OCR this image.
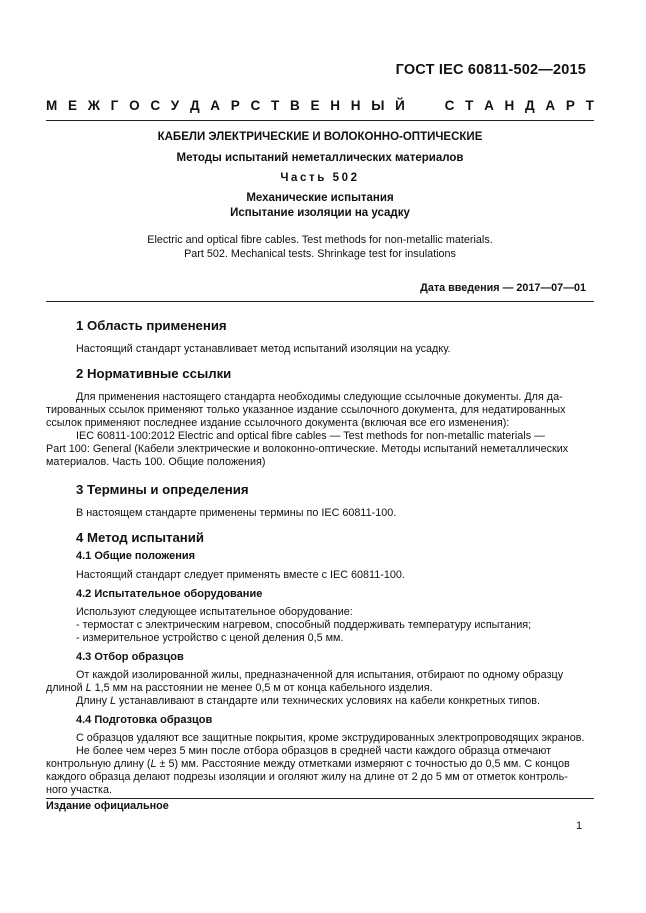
ГОСТ IEC 60811-502—2015
М Е Ж Г О С У Д А Р С Т В Е Н Н Ы Й

	С Т А Н Д А Р Т
КАБЕЛИ ЭЛЕКТРИЧЕСКИЕ И ВОЛОКОННО-ОПТИЧЕСКИЕ
Методы испытаний неметаллических материалов
Часть 502
Механические испытания
Испытание изоляции на усадку
Electric and optical fibre cables. Test methods for non-metallic materials.
Part 502. Mechanical tests. Shrinkage test for insulations
Дата введения — 2017—07—01
1 Область применения
Настоящий стандарт устанавливает метод испытаний изоляции на усадку.
2 Нормативные ссылки
Для применения настоящего стандарта необходимы следующие ссылочные документы. Для да-
тированных ссылок применяют только указанное издание ссылочного документа, для недатированных
ссылок применяют последнее издание ссылочного документа (включая все его изменения):
IEC 60811-100:2012 Electric and optical fibre cables — Test methods for non-metallic materials —
Part 100: General (Кабели электрические и волоконно-оптические. Методы испытаний неметаллических
материалов. Часть 100. Общие положения)
3 Термины и определения
В настоящем стандарте применены термины по IEC 60811-100.
4 Метод испытаний
4.1 Общие положения
Настоящий стандарт следует применять вместе с IEC 60811-100.
4.2 Испытательное оборудование
Используют следующее испытательное оборудование:
- термостат с электрическим нагревом, способный поддерживать температуру испытания;
- измерительное устройство с ценой деления 0,5 мм.
4.3 Отбор образцов
От каждой изолированной жилы, предназначенной для испытания, отбирают по одному образцу
длиной L 1,5 мм на расстоянии не менее 0,5 м от конца кабельного изделия.
Длину L устанавливают в стандарте или технических условиях на кабели конкретных типов.
4.4 Подготовка образцов
С образцов удаляют все защитные покрытия, кроме экструдированных электропроводящих экранов.
Не более чем через 5 мин после отбора образцов в средней части каждого образца отмечают
контрольную длину (L ± 5) мм. Расстояние между отметками измеряют с точностью до 0,5 мм. С концов
каждого образца делают подрезы изоляции и оголяют жилу на длине от 2 до 5 мм от отметок контроль-
ного участка.
Издание официальное
1
